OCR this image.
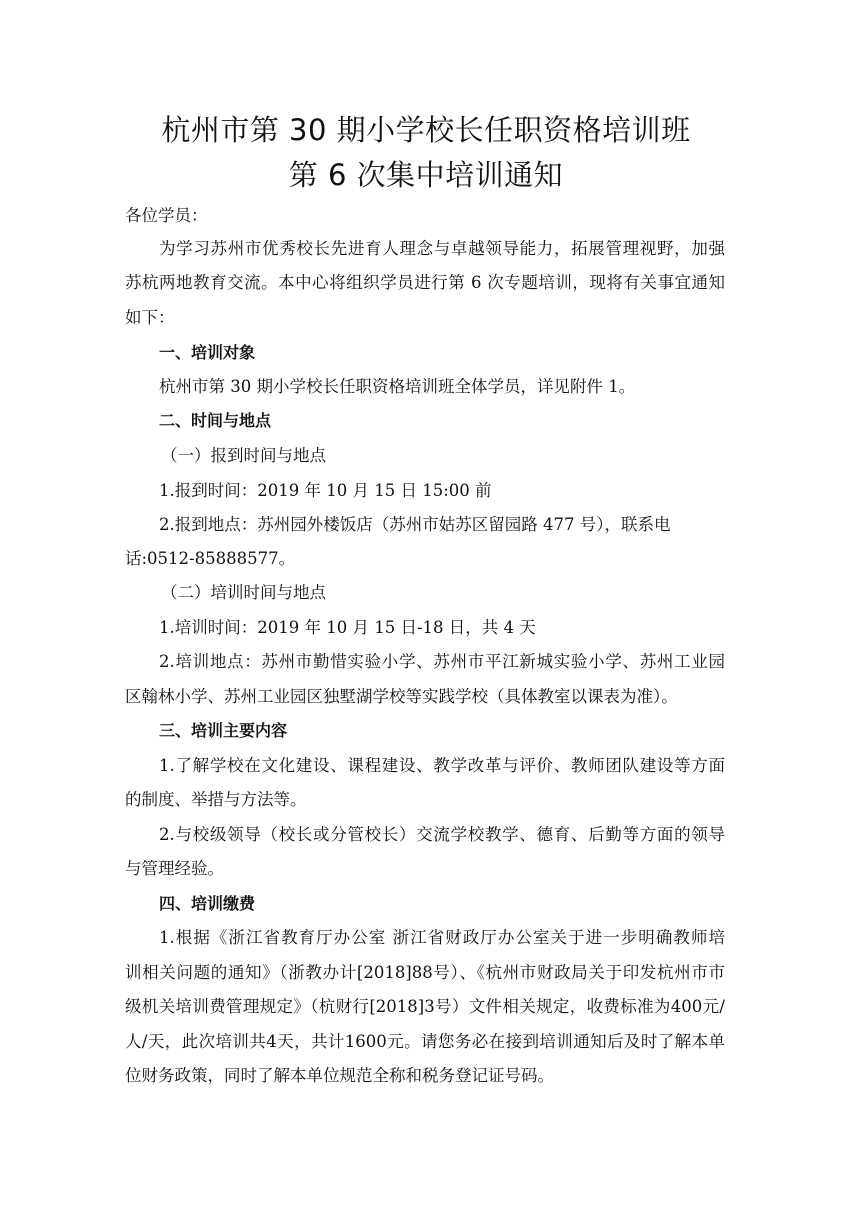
杭州市第 30 期小学校长任职资格培训班
第 6 次集中培训通知
各位学员：
为学习苏州市优秀校长先进育人理念与卓越领导能力，拓展管理视野，加强
苏杭两地教育交流。本中心将组织学员进行第 6 次专题培训，现将有关事宜通知
如下：
一、培训对象
杭州市第 30 期小学校长任职资格培训班全体学员，详见附件 1。
二、时间与地点
（一）报到时间与地点
1.报到时间：2019 年 10 月 15 日 15:00 前
2.报到地点：苏州园外楼饭店（苏州市姑苏区留园路 477 号），联系电
话:0512-85888577。
（二）培训时间与地点
1.培训时间：2019 年 10 月 15 日-18 日，共 4 天
2.培训地点：苏州市勤惜实验小学、苏州市平江新城实验小学、苏州工业园
区翰林小学、苏州工业园区独墅湖学校等实践学校（具体教室以课表为准）。
三、培训主要内容
1.了解学校在文化建设、课程建设、教学改革与评价、教师团队建设等方面
的制度、举措与方法等。
2.与校级领导（校长或分管校长）交流学校教学、德育、后勤等方面的领导
与管理经验。
四、培训缴费
1.根据《浙江省教育厅办公室 浙江省财政厅办公室关于进一步明确教师培
训相关问题的通知》（浙教办计[2018]88号）、《杭州市财政局关于印发杭州市市
级机关培训费管理规定》（杭财行[2018]3号）文件相关规定，收费标准为400元/
人/天，此次培训共4天，共计1600元。请您务必在接到培训通知后及时了解本单
位财务政策，同时了解本单位规范全称和税务登记证号码。
